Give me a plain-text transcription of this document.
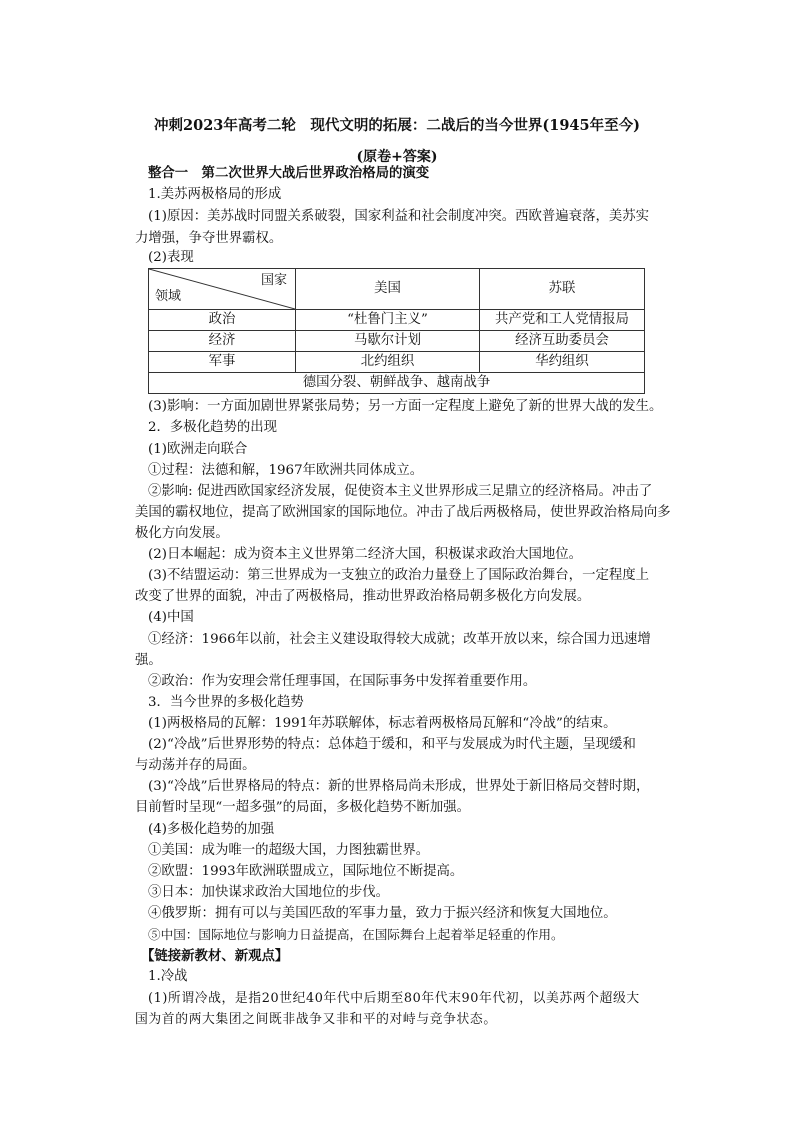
冲刺2023年高考二轮　现代文明的拓展：二战后的当今世界(1945年至今)
(原卷+答案)
整合一　第二次世界大战后世界政治格局的演变
1.美苏两极格局的形成
(1)原因：美苏战时同盟关系破裂，国家利益和社会制度冲突。西欧普遍衰落，美苏实
力增强，争夺世界霸权。
(2)表现
国家
领域	美国	苏联
政治	“杜鲁门主义”	共产党和工人党情报局
经济	马歇尔计划	经济互助委员会
军事	北约组织	华约组织
德国分裂、朝鲜战争、越南战争		
(3)影响：一方面加剧世界紧张局势；另一方面一定程度上避免了新的世界大战的发生。
2．多极化趋势的出现
(1)欧洲走向联合
①过程：法德和解，1967年欧洲共同体成立。
②影响: 促进西欧国家经济发展，促使资本主义世界形成三足鼎立的经济格局。冲击了
美国的霸权地位，提高了欧洲国家的国际地位。冲击了战后两极格局，使世界政治格局向多
极化方向发展。
(2)日本崛起：成为资本主义世界第二经济大国，积极谋求政治大国地位。
(3)不结盟运动：第三世界成为一支独立的政治力量登上了国际政治舞台，一定程度上
改变了世界的面貌，冲击了两极格局，推动世界政治格局朝多极化方向发展。
(4)中国
①经济：1966年以前，社会主义建设取得较大成就；改革开放以来，综合国力迅速增
强。
②政治：作为安理会常任理事国，在国际事务中发挥着重要作用。
3．当今世界的多极化趋势
(1)两极格局的瓦解：1991年苏联解体，标志着两极格局瓦解和“冷战”的结束。
(2)“冷战”后世界形势的特点：总体趋于缓和，和平与发展成为时代主题，呈现缓和
与动荡并存的局面。
(3)“冷战”后世界格局的特点：新的世界格局尚未形成，世界处于新旧格局交替时期，
目前暂时呈现“一超多强”的局面，多极化趋势不断加强。
(4)多极化趋势的加强
①美国：成为唯一的超级大国，力图独霸世界。
②欧盟：1993年欧洲联盟成立，国际地位不断提高。
③日本：加快谋求政治大国地位的步伐。
④俄罗斯：拥有可以与美国匹敌的军事力量，致力于振兴经济和恢复大国地位。
⑤中国：国际地位与影响力日益提高，在国际舞台上起着举足轻重的作用。
【链接新教材、新观点】
1.冷战
(1)所谓冷战，是指20世纪40年代中后期至80年代末90年代初，以美苏两个超级大
国为首的两大集团之间既非战争又非和平的对峙与竞争状态。
